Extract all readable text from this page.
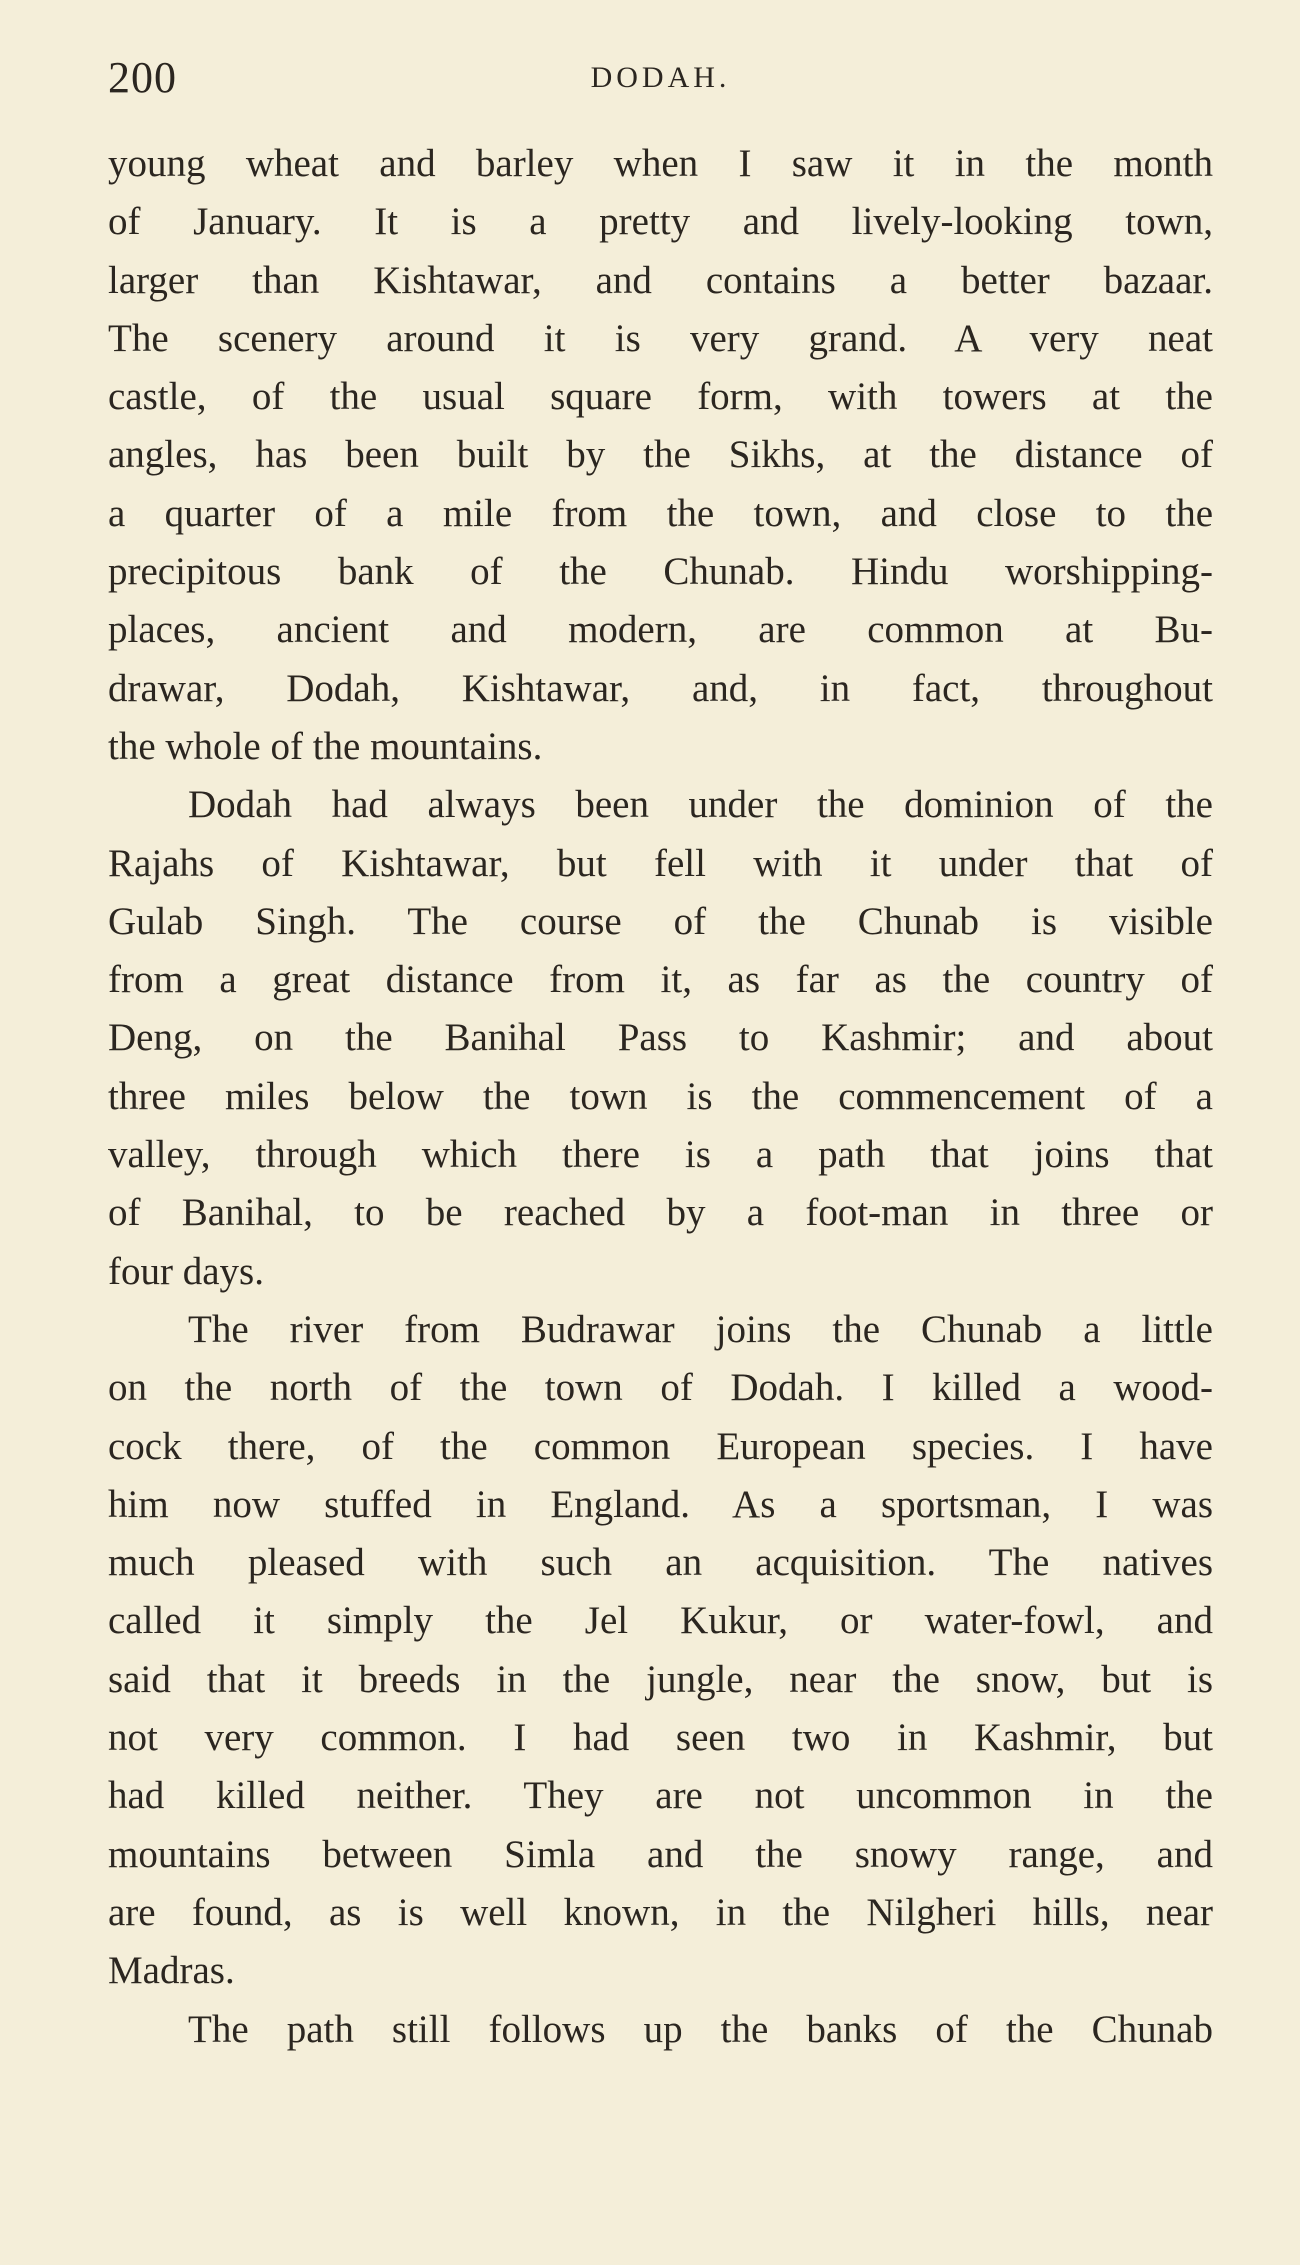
200	DODAH.
young wheat and barley when I saw it in the month
of January. It is a pretty and lively-looking town,
larger than Kishtawar, and contains a better bazaar.
The scenery around it is very grand. A very neat
castle, of the usual square form, with towers at the
angles, has been built by the Sikhs, at the distance of
a quarter of a mile from the town, and close to the
precipitous bank of the Chunab. Hindu worshipping-
places, ancient and modern, are common at Bu-
drawar, Dodah, Kishtawar, and, in fact, throughout
the whole of the mountains.
Dodah had always been under the dominion of the
Rajahs of Kishtawar, but fell with it under that of
Gulab Singh. The course of the Chunab is visible
from a great distance from it, as far as the country of
Deng, on the Banihal Pass to Kashmir; and about
three miles below the town is the commencement of a
valley, through which there is a path that joins that
of Banihal, to be reached by a foot-man in three or
four days.
The river from Budrawar joins the Chunab a little
on the north of the town of Dodah. I killed a wood-
cock there, of the common European species. I have
him now stuffed in England. As a sportsman, I was
much pleased with such an acquisition. The natives
called it simply the Jel Kukur, or water-fowl, and
said that it breeds in the jungle, near the snow, but is
not very common. I had seen two in Kashmir, but
had killed neither. They are not uncommon in the
mountains between Simla and the snowy range, and
are found, as is well known, in the Nilgheri hills, near
Madras.
The path still follows up the banks of the Chunab
